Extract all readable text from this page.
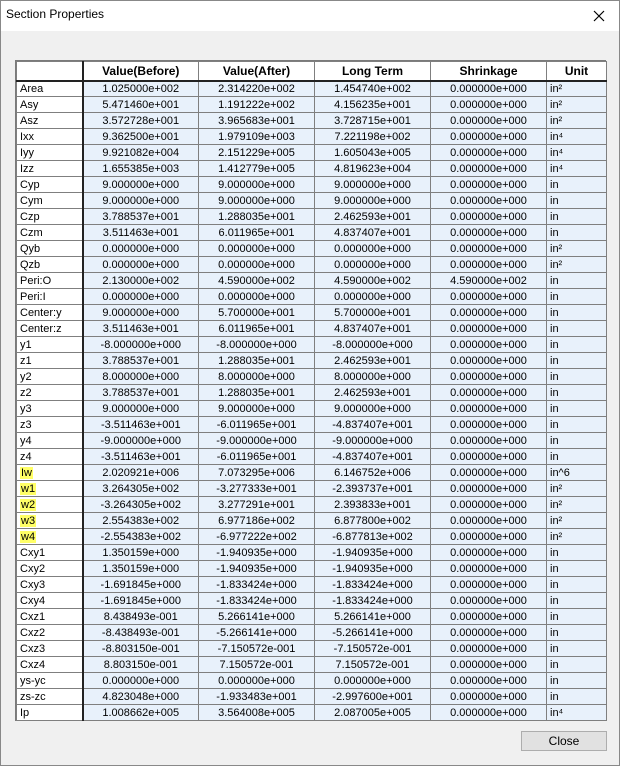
Section Properties
	Value(Before)	Value(After)	Long Term	Shrinkage	Unit
Area	1.025000e+002	2.314220e+002	1.454740e+002	0.000000e+000	in²
Asy	5.471460e+001	1.191222e+002	4.156235e+001	0.000000e+000	in²
Asz	3.572728e+001	3.965683e+001	3.728715e+001	0.000000e+000	in²
Ixx	9.362500e+001	1.979109e+003	7.221198e+002	0.000000e+000	in⁴
Iyy	9.921082e+004	2.151229e+005	1.605043e+005	0.000000e+000	in⁴
Izz	1.655385e+003	1.412779e+005	4.819623e+004	0.000000e+000	in⁴
Cyp	9.000000e+000	9.000000e+000	9.000000e+000	0.000000e+000	in
Cym	9.000000e+000	9.000000e+000	9.000000e+000	0.000000e+000	in
Czp	3.788537e+001	1.288035e+001	2.462593e+001	0.000000e+000	in
Czm	3.511463e+001	6.011965e+001	4.837407e+001	0.000000e+000	in
Qyb	0.000000e+000	0.000000e+000	0.000000e+000	0.000000e+000	in²
Qzb	0.000000e+000	0.000000e+000	0.000000e+000	0.000000e+000	in²
Peri:O	2.130000e+002	4.590000e+002	4.590000e+002	4.590000e+002	in
Peri:I	0.000000e+000	0.000000e+000	0.000000e+000	0.000000e+000	in
Center:y	9.000000e+000	5.700000e+001	5.700000e+001	0.000000e+000	in
Center:z	3.511463e+001	6.011965e+001	4.837407e+001	0.000000e+000	in
y1	-8.000000e+000	-8.000000e+000	-8.000000e+000	0.000000e+000	in
z1	3.788537e+001	1.288035e+001	2.462593e+001	0.000000e+000	in
y2	8.000000e+000	8.000000e+000	8.000000e+000	0.000000e+000	in
z2	3.788537e+001	1.288035e+001	2.462593e+001	0.000000e+000	in
y3	9.000000e+000	9.000000e+000	9.000000e+000	0.000000e+000	in
z3	-3.511463e+001	-6.011965e+001	-4.837407e+001	0.000000e+000	in
y4	-9.000000e+000	-9.000000e+000	-9.000000e+000	0.000000e+000	in
z4	-3.511463e+001	-6.011965e+001	-4.837407e+001	0.000000e+000	in
Iw	2.020921e+006	7.073295e+006	6.146752e+006	0.000000e+000	in^6
w1	3.264305e+002	-3.277333e+001	-2.393737e+001	0.000000e+000	in²
w2	-3.264305e+002	3.277291e+001	2.393833e+001	0.000000e+000	in²
w3	2.554383e+002	6.977186e+002	6.877800e+002	0.000000e+000	in²
w4	-2.554383e+002	-6.977222e+002	-6.877813e+002	0.000000e+000	in²
Cxy1	1.350159e+000	-1.940935e+000	-1.940935e+000	0.000000e+000	in
Cxy2	1.350159e+000	-1.940935e+000	-1.940935e+000	0.000000e+000	in
Cxy3	-1.691845e+000	-1.833424e+000	-1.833424e+000	0.000000e+000	in
Cxy4	-1.691845e+000	-1.833424e+000	-1.833424e+000	0.000000e+000	in
Cxz1	8.438493e-001	5.266141e+000	5.266141e+000	0.000000e+000	in
Cxz2	-8.438493e-001	-5.266141e+000	-5.266141e+000	0.000000e+000	in
Cxz3	-8.803150e-001	-7.150572e-001	-7.150572e-001	0.000000e+000	in
Cxz4	8.803150e-001	7.150572e-001	7.150572e-001	0.000000e+000	in
ys-yc	0.000000e+000	0.000000e+000	0.000000e+000	0.000000e+000	in
zs-zc	4.823048e+000	-1.933483e+001	-2.997600e+001	0.000000e+000	in
Ip	1.008662e+005	3.564008e+005	2.087005e+005	0.000000e+000	in⁴
Close
